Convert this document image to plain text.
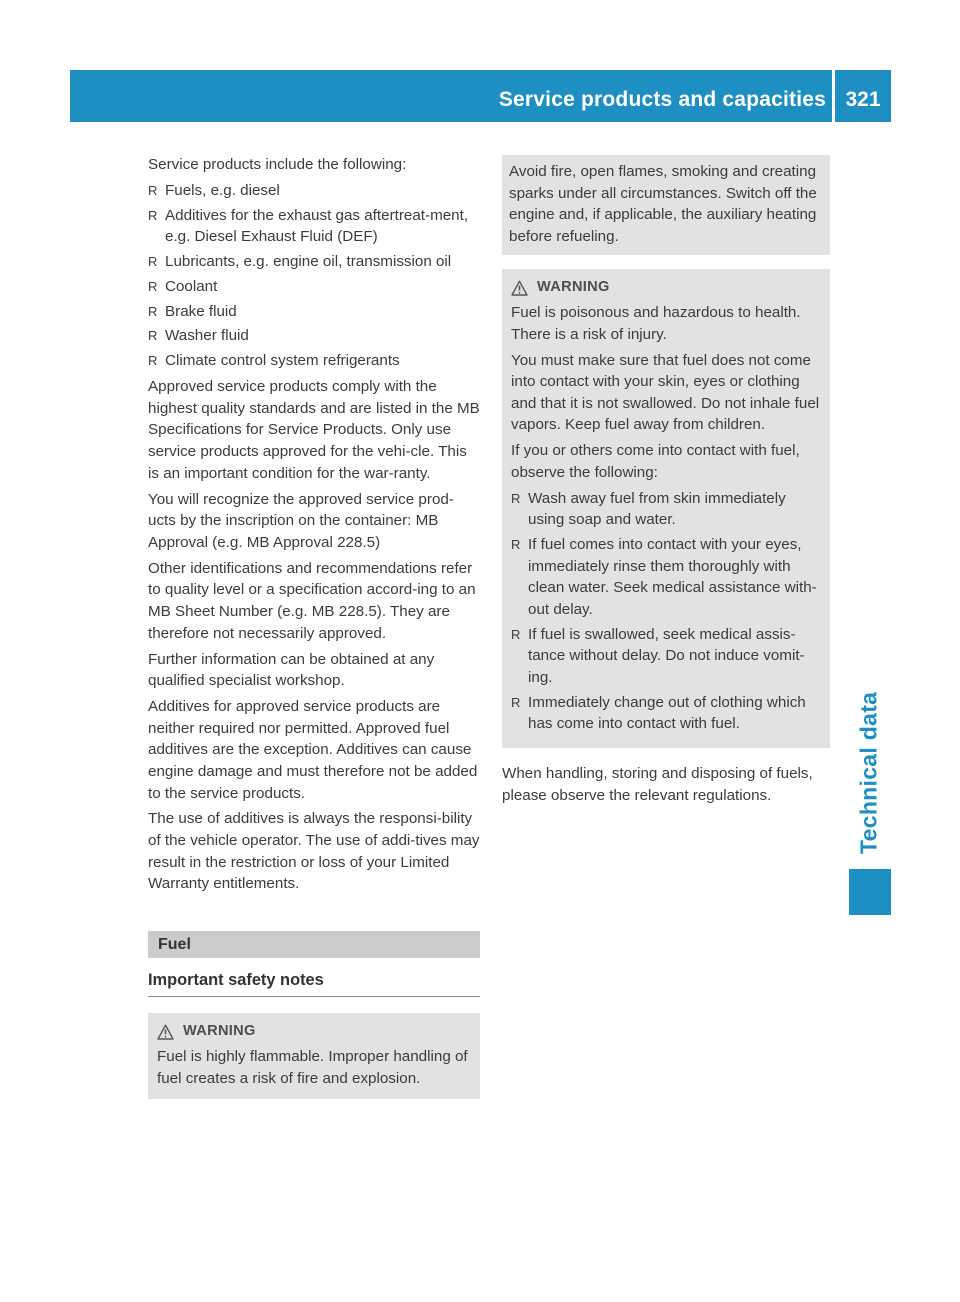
Service products and capacities 321
Technical data

Service products include the following:

R Fuels, e.g. diesel
R Additives for the exhaust gas aftertreat-ment, e.g. Diesel Exhaust Fluid (DEF)
R Lubricants, e.g. engine oil, transmission oil
R Coolant
R Brake fluid
R Washer fluid
R Climate control system refrigerants

Approved service products comply with the highest quality standards and are listed in the MB Specifications for Service Products. Only use service products approved for the vehi-cle. This is an important condition for the war-ranty.

You will recognize the approved service prod-ucts by the inscription on the container: MB Approval (e.g. MB Approval 228.5)

Other identifications and recommendations refer to quality level or a specification accord-ing to an MB Sheet Number (e.g. MB 228.5). They are therefore not necessarily approved.

Further information can be obtained at any qualified specialist workshop.

Additives for approved service products are neither required nor permitted. Approved fuel additives are the exception. Additives can cause engine damage and must therefore not be added to the service products.

The use of additives is always the responsi-bility of the vehicle operator. The use of addi-tives may result in the restriction or loss of your Limited Warranty entitlements.

Fuel
Important safety notes
WARNING

Fuel is highly flammable. Improper handling of fuel creates a risk of fire and explosion.

Avoid fire, open flames, smoking and creating sparks under all circumstances. Switch off the engine and, if applicable, the auxiliary heating before refueling.

WARNING

Fuel is poisonous and hazardous to health. There is a risk of injury.

You must make sure that fuel does not come into contact with your skin, eyes or clothing and that it is not swallowed. Do not inhale fuel vapors. Keep fuel away from children.

If you or others come into contact with fuel, observe the following:

R Wash away fuel from skin immediately using soap and water.
R If fuel comes into contact with your eyes, immediately rinse them thoroughly with clean water. Seek medical assistance with-out delay.
R If fuel is swallowed, seek medical assis-tance without delay. Do not induce vomit-ing.
R Immediately change out of clothing which has come into contact with fuel.

When handling, storing and disposing of fuels, please observe the relevant regulations.
